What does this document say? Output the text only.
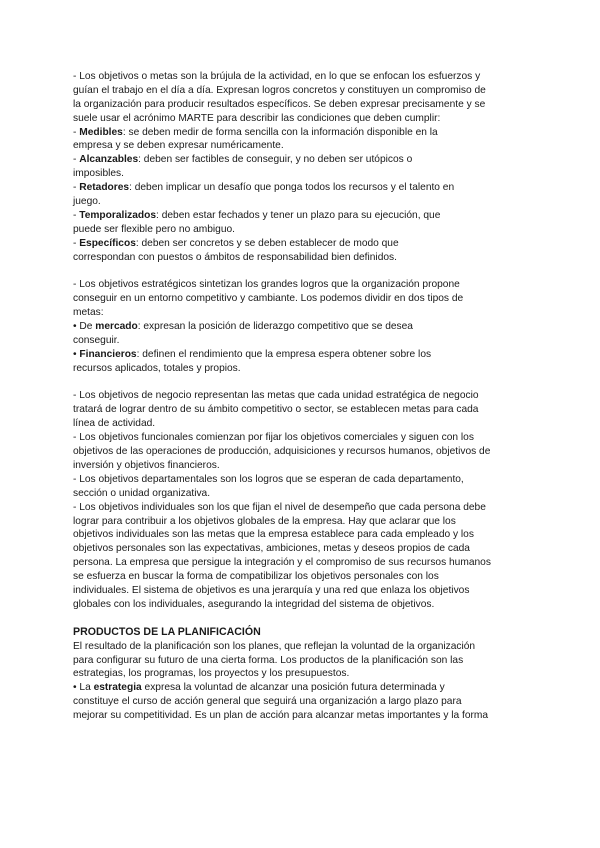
- Los objetivos o metas son la brújula de la actividad, en lo que se enfocan los esfuerzos y
guían el trabajo en el día a día. Expresan logros concretos y constituyen un compromiso de
la organización para producir resultados específicos. Se deben expresar precisamente y se
suele usar el acrónimo MARTE para describir las condiciones que deben cumplir:
- Medibles: se deben medir de forma sencilla con la información disponible en la
empresa y se deben expresar numéricamente.
- Alcanzables: deben ser factibles de conseguir, y no deben ser utópicos o
imposibles.
- Retadores: deben implicar un desafío que ponga todos los recursos y el talento en
juego.
- Temporalizados: deben estar fechados y tener un plazo para su ejecución, que
puede ser flexible pero no ambiguo.
- Específicos: deben ser concretos y se deben establecer de modo que
correspondan con puestos o ámbitos de responsabilidad bien definidos.
- Los objetivos estratégicos sintetizan los grandes logros que la organización propone
conseguir en un entorno competitivo y cambiante. Los podemos dividir en dos tipos de
metas:
• De mercado: expresan la posición de liderazgo competitivo que se desea
conseguir.
• Financieros: definen el rendimiento que la empresa espera obtener sobre los
recursos aplicados, totales y propios.
- Los objetivos de negocio representan las metas que cada unidad estratégica de negocio
tratará de lograr dentro de su ámbito competitivo o sector, se establecen metas para cada
línea de actividad.
- Los objetivos funcionales comienzan por fijar los objetivos comerciales y siguen con los
objetivos de las operaciones de producción, adquisiciones y recursos humanos, objetivos de
inversión y objetivos financieros.
- Los objetivos departamentales son los logros que se esperan de cada departamento,
sección o unidad organizativa.
- Los objetivos individuales son los que fijan el nivel de desempeño que cada persona debe
lograr para contribuir a los objetivos globales de la empresa. Hay que aclarar que los
objetivos individuales son las metas que la empresa establece para cada empleado y los
objetivos personales son las expectativas, ambiciones, metas y deseos propios de cada
persona. La empresa que persigue la integración y el compromiso de sus recursos humanos
se esfuerza en buscar la forma de compatibilizar los objetivos personales con los
individuales. El sistema de objetivos es una jerarquía y una red que enlaza los objetivos
globales con los individuales, asegurando la integridad del sistema de objetivos.
PRODUCTOS DE LA PLANIFICACIÓN
El resultado de la planificación son los planes, que reflejan la voluntad de la organización
para configurar su futuro de una cierta forma. Los productos de la planificación son las
estrategias, los programas, los proyectos y los presupuestos.
• La estrategia expresa la voluntad de alcanzar una posición futura determinada y
constituye el curso de acción general que seguirá una organización a largo plazo para
mejorar su competitividad. Es un plan de acción para alcanzar metas importantes y la forma
